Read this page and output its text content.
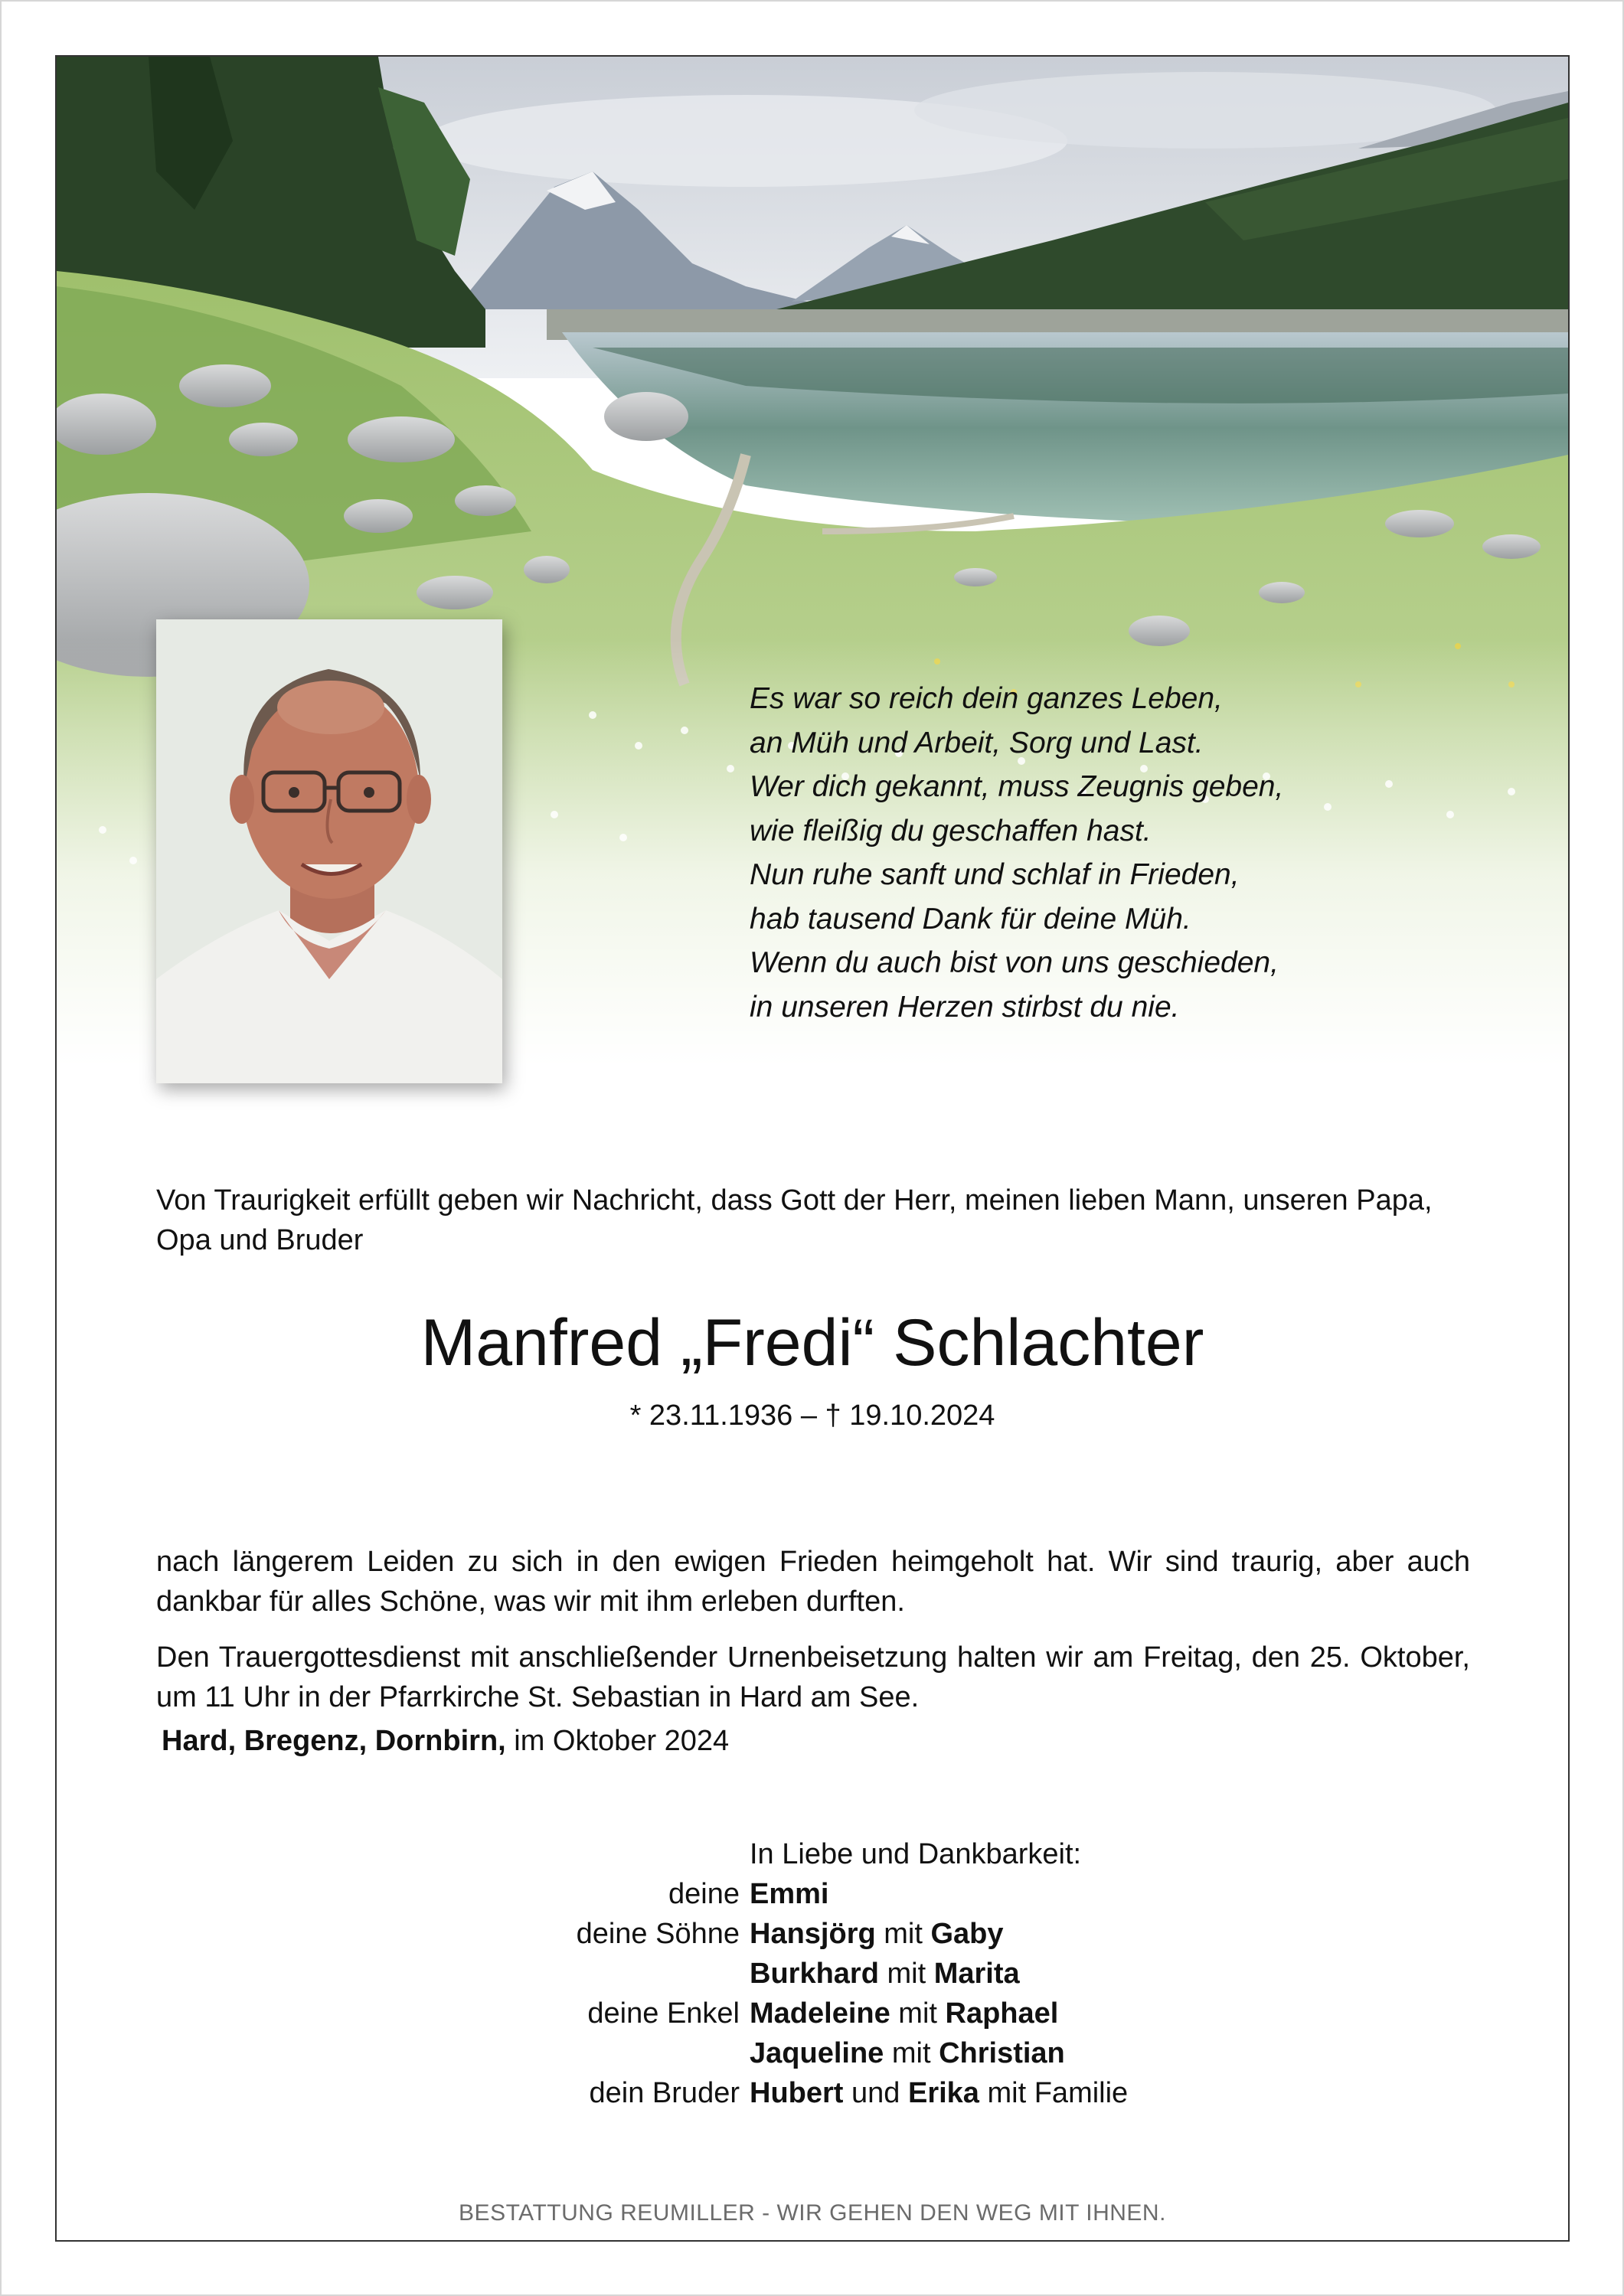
Es war so reich dein ganzes Leben,
an Müh und Arbeit, Sorg und Last.
Wer dich gekannt, muss Zeugnis geben,
wie fleißig du geschaffen hast.
Nun ruhe sanft und schlaf in Frieden,
hab tausend Dank für deine Müh.
Wenn du auch bist von uns geschieden,
in unseren Herzen stirbst du nie.
Von Traurigkeit erfüllt geben wir Nachricht, dass Gott der Herr, meinen lieben Mann, unseren Papa, Opa und Bruder
Manfred „Fredi“ Schlachter
* 23.11.1936 – † 19.10.2024
nach längerem Leiden zu sich in den ewigen Frieden heimgeholt hat. Wir sind traurig, aber auch dankbar für alles Schöne, was wir mit ihm erleben durften.
Den Trauergottesdienst mit anschließender Urnenbeisetzung halten wir am Freitag, den 25. Oktober, um 11 Uhr in der Pfarrkirche St. Sebastian in Hard am See.
Hard, Bregenz, Dornbirn, im Oktober 2024
In Liebe und Dankbarkeit:
deine Emmi
deine Söhne Hansjörg mit Gaby
Burkhard mit Marita
deine Enkel Madeleine mit Raphael
Jaqueline mit Christian
dein Bruder Hubert und Erika mit Familie
BESTATTUNG REUMILLER - WIR GEHEN DEN WEG MIT IHNEN.
